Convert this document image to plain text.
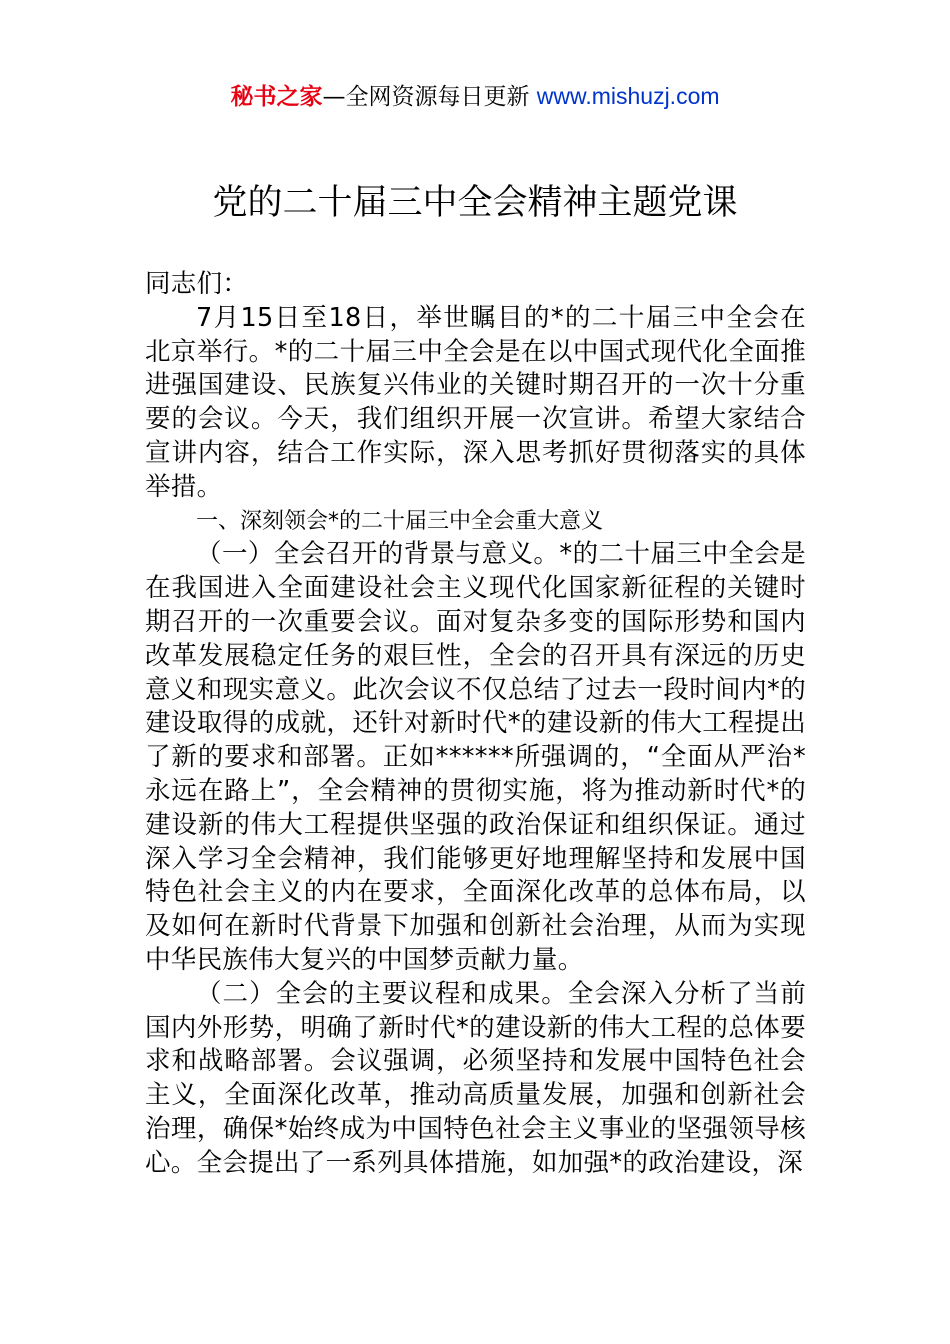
秘书之家—全网资源每日更新 www.mishuzj.com
党的二十届三中全会精神主题党课

同志们：

7月15日至18日，举世瞩目的*的二十届三中全会在北京举行。*的二十届三中全会是在以中国式现代化全面推进强国建设、民族复兴伟业的关键时期召开的一次十分重要的会议。今天，我们组织开展一次宣讲。希望大家结合宣讲内容，结合工作实际，深入思考抓好贯彻落实的具体举措。

一、深刻领会*的二十届三中全会重大意义

（一）全会召开的背景与意义。*的二十届三中全会是在我国进入全面建设社会主义现代化国家新征程的关键时期召开的一次重要会议。面对复杂多变的国际形势和国内改革发展稳定任务的艰巨性，全会的召开具有深远的历史意义和现实意义。此次会议不仅总结了过去一段时间内*的建设取得的成就，还针对新时代*的建设新的伟大工程提出了新的要求和部署。正如******所强调的，“全面从严治*永远在路上”，全会精神的贯彻实施，将为推动新时代*的建设新的伟大工程提供坚强的政治保证和组织保证。通过深入学习全会精神，我们能够更好地理解坚持和发展中国特色社会主义的内在要求，全面深化改革的总体布局，以及如何在新时代背景下加强和创新社会治理，从而为实现中华民族伟大复兴的中国梦贡献力量。

（二）全会的主要议程和成果。全会深入分析了当前国内外形势，明确了新时代*的建设新的伟大工程的总体要求和战略部署。会议强调，必须坚持和发展中国特色社会主义，全面深化改革，推动高质量发展，加强和创新社会治理，确保*始终成为中国特色社会主义事业的坚强领导核心。全会提出了一系列具体措施，如加强*的政治建设，深
